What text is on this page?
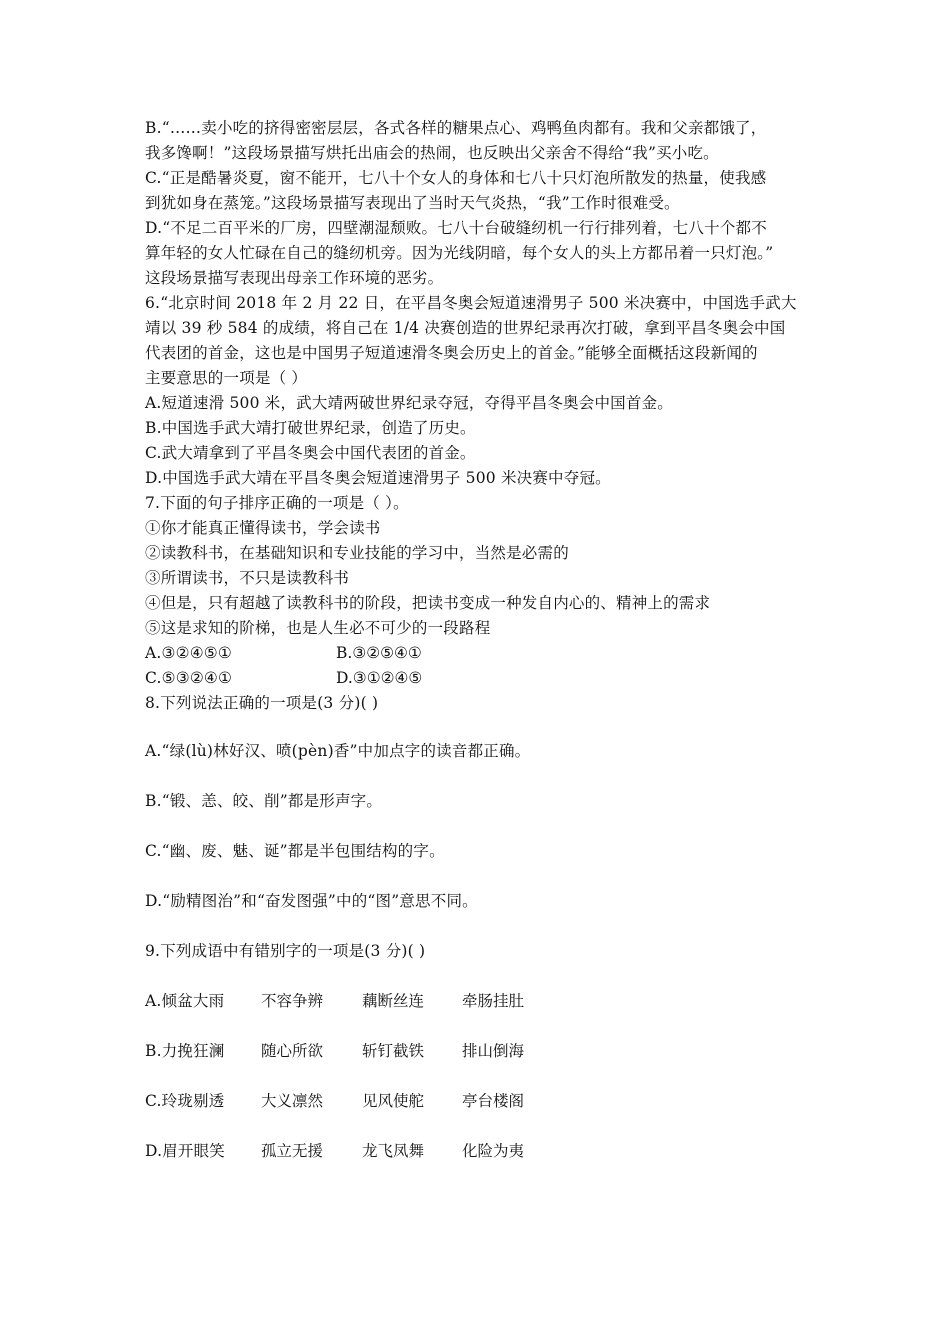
B.“……卖小吃的挤得密密层层，各式各样的糖果点心、鸡鸭鱼肉都有。我和父亲都饿了，
我多馋啊！”这段场景描写烘托出庙会的热闹，也反映出父亲舍不得给“我”买小吃。
C.“正是酷暑炎夏，窗不能开，七八十个女人的身体和七八十只灯泡所散发的热量，使我感
到犹如身在蒸笼。”这段场景描写表现出了当时天气炎热，“我”工作时很难受。
D.“不足二百平米的厂房，四壁潮湿颓败。七八十台破缝纫机一行行排列着，七八十个都不
算年轻的女人忙碌在自己的缝纫机旁。因为光线阴暗，每个女人的头上方都吊着一只灯泡。”
这段场景描写表现出母亲工作环境的恶劣。
6.“北京时间 2018 年 2 月 22 日，在平昌冬奥会短道速滑男子 500 米决赛中，中国选手武大
靖以 39 秒 584 的成绩，将自己在 1/4 决赛创造的世界纪录再次打破，拿到平昌冬奥会中国
代表团的首金，这也是中国男子短道速滑冬奥会历史上的首金。”能够全面概括这段新闻的
主要意思的一项是（ ）
A.短道速滑 500 米，武大靖两破世界纪录夺冠，夺得平昌冬奥会中国首金。
B.中国选手武大靖打破世界纪录，创造了历史。
C.武大靖拿到了平昌冬奥会中国代表团的首金。
D.中国选手武大靖在平昌冬奥会短道速滑男子 500 米决赛中夺冠。
7.下面的句子排序正确的一项是（ ）。
①你才能真正懂得读书，学会读书
②读教科书，在基础知识和专业技能的学习中，当然是必需的
③所谓读书，不只是读教科书
④但是，只有超越了读教科书的阶段，把读书变成一种发自内心的、精神上的需求
⑤这是求知的阶梯，也是人生必不可少的一段路程
A.③②④⑤①	B.③②⑤④①
C.⑤③②④①	D.③①②④⑤
8.下列说法正确的一项是(3 分)( )
A.“绿(lù)林好汉、喷(pèn)香”中加点字的读音都正确。
B.“锻、恙、皎、削”都是形声字。
C.“幽、废、魅、诞”都是半包围结构的字。
D.“励精图治”和“奋发图强”中的“图”意思不同。
9.下列成语中有错别字的一项是(3 分)( )
A.倾盆大雨 不容争辨	藕断丝连 牵肠挂肚
B.力挽狂澜 随心所欲	斩钉截铁 排山倒海
C.玲珑剔透 大义凛然	见风使舵 亭台楼阁
D.眉开眼笑 孤立无援	龙飞凤舞 化险为夷
